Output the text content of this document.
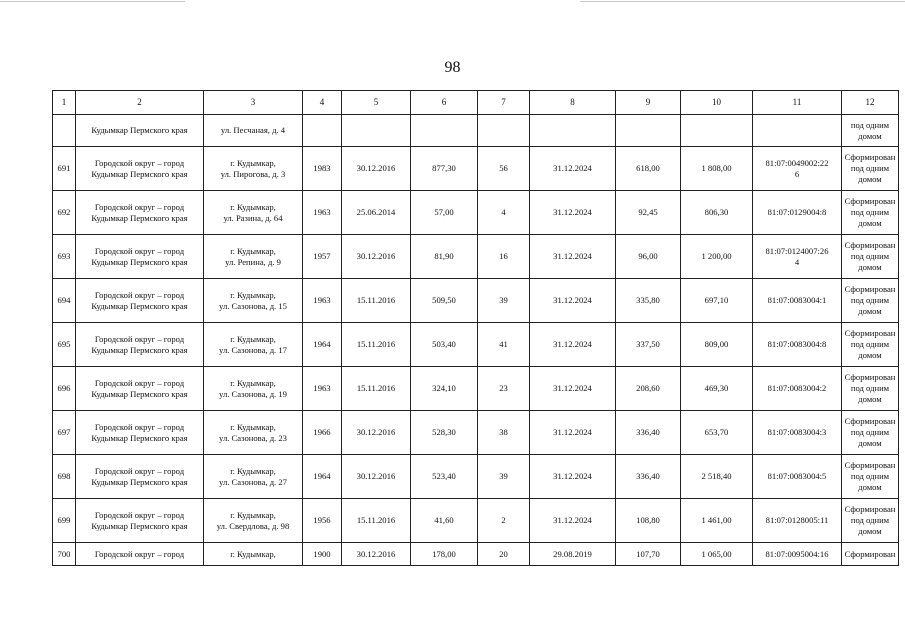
98
1	2	3	4	5	6	7	8	9	10	11	12
	Кудымкар Пермского края	ул. Песчаная, д. 4									под одним
домом
691	Городской округ – город
Кудымкар Пермского края	г. Кудымкар,
ул. Пирогова, д. 3	1983	30.12.2016	877,30	56	31.12.2024	618,00	1 808,00	81:07:0049002:22
6	Сформирован
под одним
домом
692	Городской округ – город
Кудымкар Пермского края	г. Кудымкар,
ул. Разина, д. 64	1963	25.06.2014	57,00	4	31.12.2024	92,45	806,30	81:07:0129004:8	Сформирован
под одним
домом
693	Городской округ – город
Кудымкар Пермского края	г. Кудымкар,
ул. Репина, д. 9	1957	30.12.2016	81,90	16	31.12.2024	96,00	1 200,00	81:07:0124007:26
4	Сформирован
под одним
домом
694	Городской округ – город
Кудымкар Пермского края	г. Кудымкар,
ул. Сазонова, д. 15	1963	15.11.2016	509,50	39	31.12.2024	335,80	697,10	81:07:0083004:1	Сформирован
под одним
домом
695	Городской округ – город
Кудымкар Пермского края	г. Кудымкар,
ул. Сазонова, д. 17	1964	15.11.2016	503,40	41	31.12.2024	337,50	809,00	81:07:0083004:8	Сформирован
под одним
домом
696	Городской округ – город
Кудымкар Пермского края	г. Кудымкар,
ул. Сазонова, д. 19	1963	15.11.2016	324,10	23	31.12.2024	208,60	469,30	81:07:0083004:2	Сформирован
под одним
домом
697	Городской округ – город
Кудымкар Пермского края	г. Кудымкар,
ул. Сазонова, д. 23	1966	30.12.2016	528,30	38	31.12.2024	336,40	653,70	81:07:0083004:3	Сформирован
под одним
домом
698	Городской округ – город
Кудымкар Пермского края	г. Кудымкар,
ул. Сазонова, д. 27	1964	30.12.2016	523,40	39	31.12.2024	336,40	2 518,40	81:07:0083004:5	Сформирован
под одним
домом
699	Городской округ – город
Кудымкар Пермского края	г. Кудымкар,
ул. Свердлова, д. 98	1956	15.11.2016	41,60	2	31.12.2024	108,80	1 461,00	81:07:0128005:11	Сформирован
под одним
домом
700	Городской округ – город	г. Кудымкар,	1900	30.12.2016	178,00	20	29.08.2019	107,70	1 065,00	81:07:0095004:16	Сформирован
